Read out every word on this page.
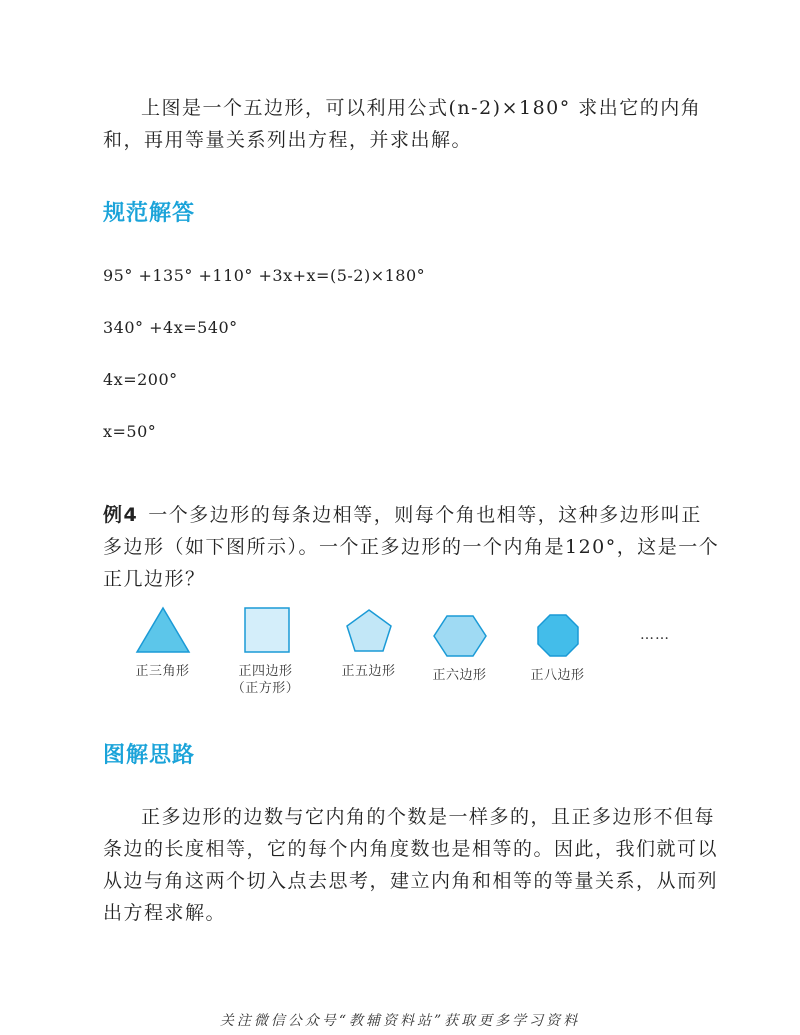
上图是一个五边形，可以利用公式(n-2)×180° 求出它的内角
和，再用等量关系列出方程，并求出解。

规范解答

95° +135° +110° +3x+x=(5-2)×180°

340° +4x=540°

4x=200°

x=50°

例4 一个多边形的每条边相等，则每个角也相等，这种多边形叫正
多边形（如下图所示）。一个正多边形的一个内角是120°，这是一个
正几边形？

正三角形	正四边形
（正方形）
正五边形	正六边形	正八边形
……
图解思路

正多边形的边数与它内角的个数是一样多的，且正多边形不但每
条边的长度相等，它的每个内角度数也是相等的。因此，我们就可以
从边与角这两个切入点去思考，建立内角和相等的等量关系，从而列
出方程求解。

关注微信公众号“教辅资料站”获取更多学习资料
